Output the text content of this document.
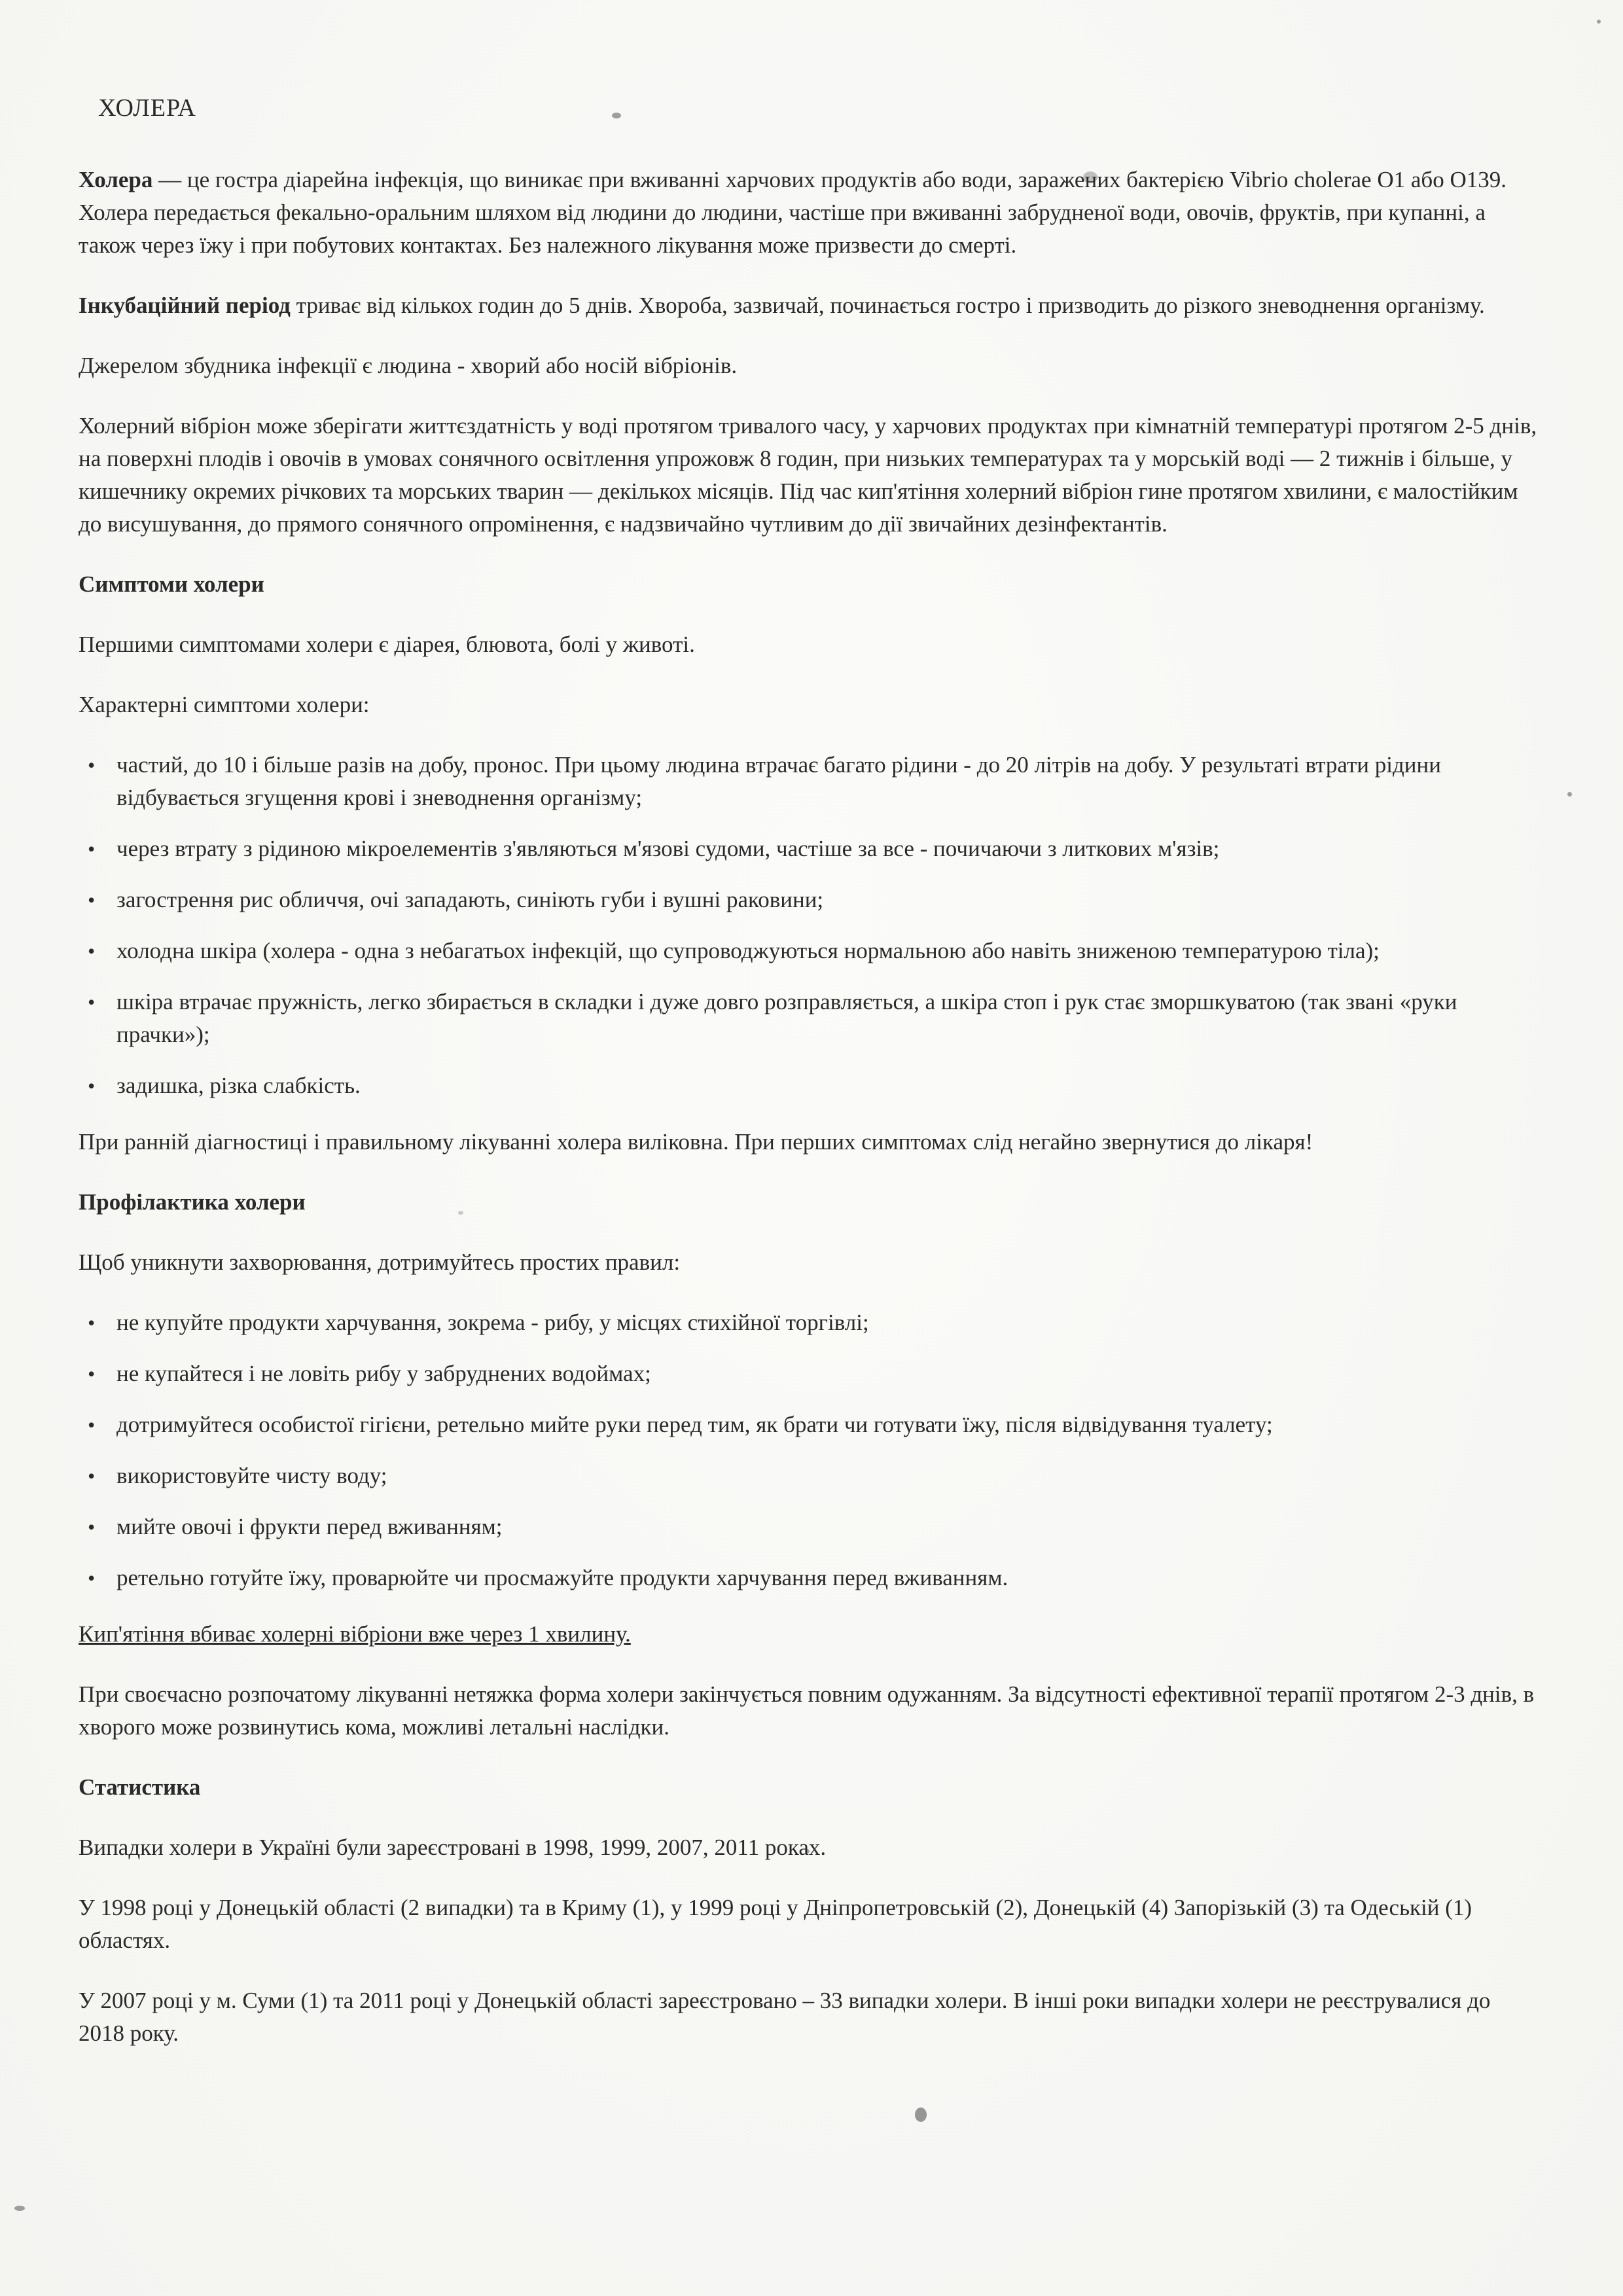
ХОЛЕРА

Холера — це гостра діарейна інфекція, що виникає при вживанні харчових продуктів або води, заражених бактерією Vibrio cholerae O1 або O139. Холера передається фекально-оральним шляхом від людини до людини, частіше при вживанні забрудненої води, овочів, фруктів, при купанні, а також через їжу і при побутових контактах. Без належного лікування може призвести до смерті.

Інкубаційний період триває від кількох годин до 5 днів. Хвороба, зазвичай, починається гостро і призводить до різкого зневоднення організму.

Джерелом збудника інфекції є людина - хворий або носій вібріонів.

Холерний вібріон може зберігати життєздатність у воді протягом тривалого часу, у харчових продуктах при кімнатній температурі протягом 2-5 днів, на поверхні плодів і овочів в умовах сонячного освітлення упрожовж 8 годин, при низьких температурах та у морській воді — 2 тижнів і більше, у кишечнику окремих річкових та морських тварин — декількох місяців. Під час кип'ятіння холерний вібріон гине протягом хвилини, є малостійким до висушування, до прямого сонячного опромінення, є надзвичайно чутливим до дії звичайних дезінфектантів.

Симптоми холери

Першими симптомами холери є діарея, блювота, болі у животі.

Характерні симптоми холери:

• частий, до 10 і більше разів на добу, пронос. При цьому людина втрачає багато рідини - до 20 літрів на добу. У результаті втрати рідини відбувається згущення крові і зневоднення організму;
• через втрату з рідиною мікроелементів з'являються м'язові судоми, частіше за все - почичаючи з литкових м'язів;
• загострення рис обличчя, очі западають, синіють губи і вушні раковини;
• холодна шкіра (холера - одна з небагатьох інфекцій, що супроводжуються нормальною або навіть зниженою температурою тіла);
• шкіра втрачає пружність, легко збирається в складки і дуже довго розправляється, а шкіра стоп і рук стає зморшкуватою (так звані «руки прачки»);
• задишка, різка слабкість.

При ранній діагностиці і правильному лікуванні холера виліковна. При перших симптомах слід негайно звернутися до лікаря!

Профілактика холери

Щоб уникнути захворювання, дотримуйтесь простих правил:

• не купуйте продукти харчування, зокрема - рибу, у місцях стихійної торгівлі;
• не купайтеся і не ловіть рибу у забруднених водоймах;
• дотримуйтеся особистої гігієни, ретельно мийте руки перед тим, як брати чи готувати їжу, після відвідування туалету;
• використовуйте чисту воду;
• мийте овочі і фрукти перед вживанням;
• ретельно готуйте їжу, проварюйте чи просмажуйте продукти харчування перед вживанням.

Кип'ятіння вбиває холерні вібріони вже через 1 хвилину.

При своєчасно розпочатому лікуванні нетяжка форма холери закінчується повним одужанням. За відсутності ефективної терапії протягом 2-3 днів, в хворого може розвинутись кома, можливі летальні наслідки.

Статистика

Випадки холери в Україні були зареєстровані в 1998, 1999, 2007, 2011 роках.

У 1998 році у Донецькій області (2 випадки) та в Криму (1), у 1999 році у Дніпропетровській (2), Донецькій (4) Запорізькій (3) та Одеській (1) областях.

У 2007 році у м. Суми (1) та 2011 році у Донецькій області зареєстровано – 33 випадки холери. В інші роки випадки холери не реєструвалися до 2018 року.
